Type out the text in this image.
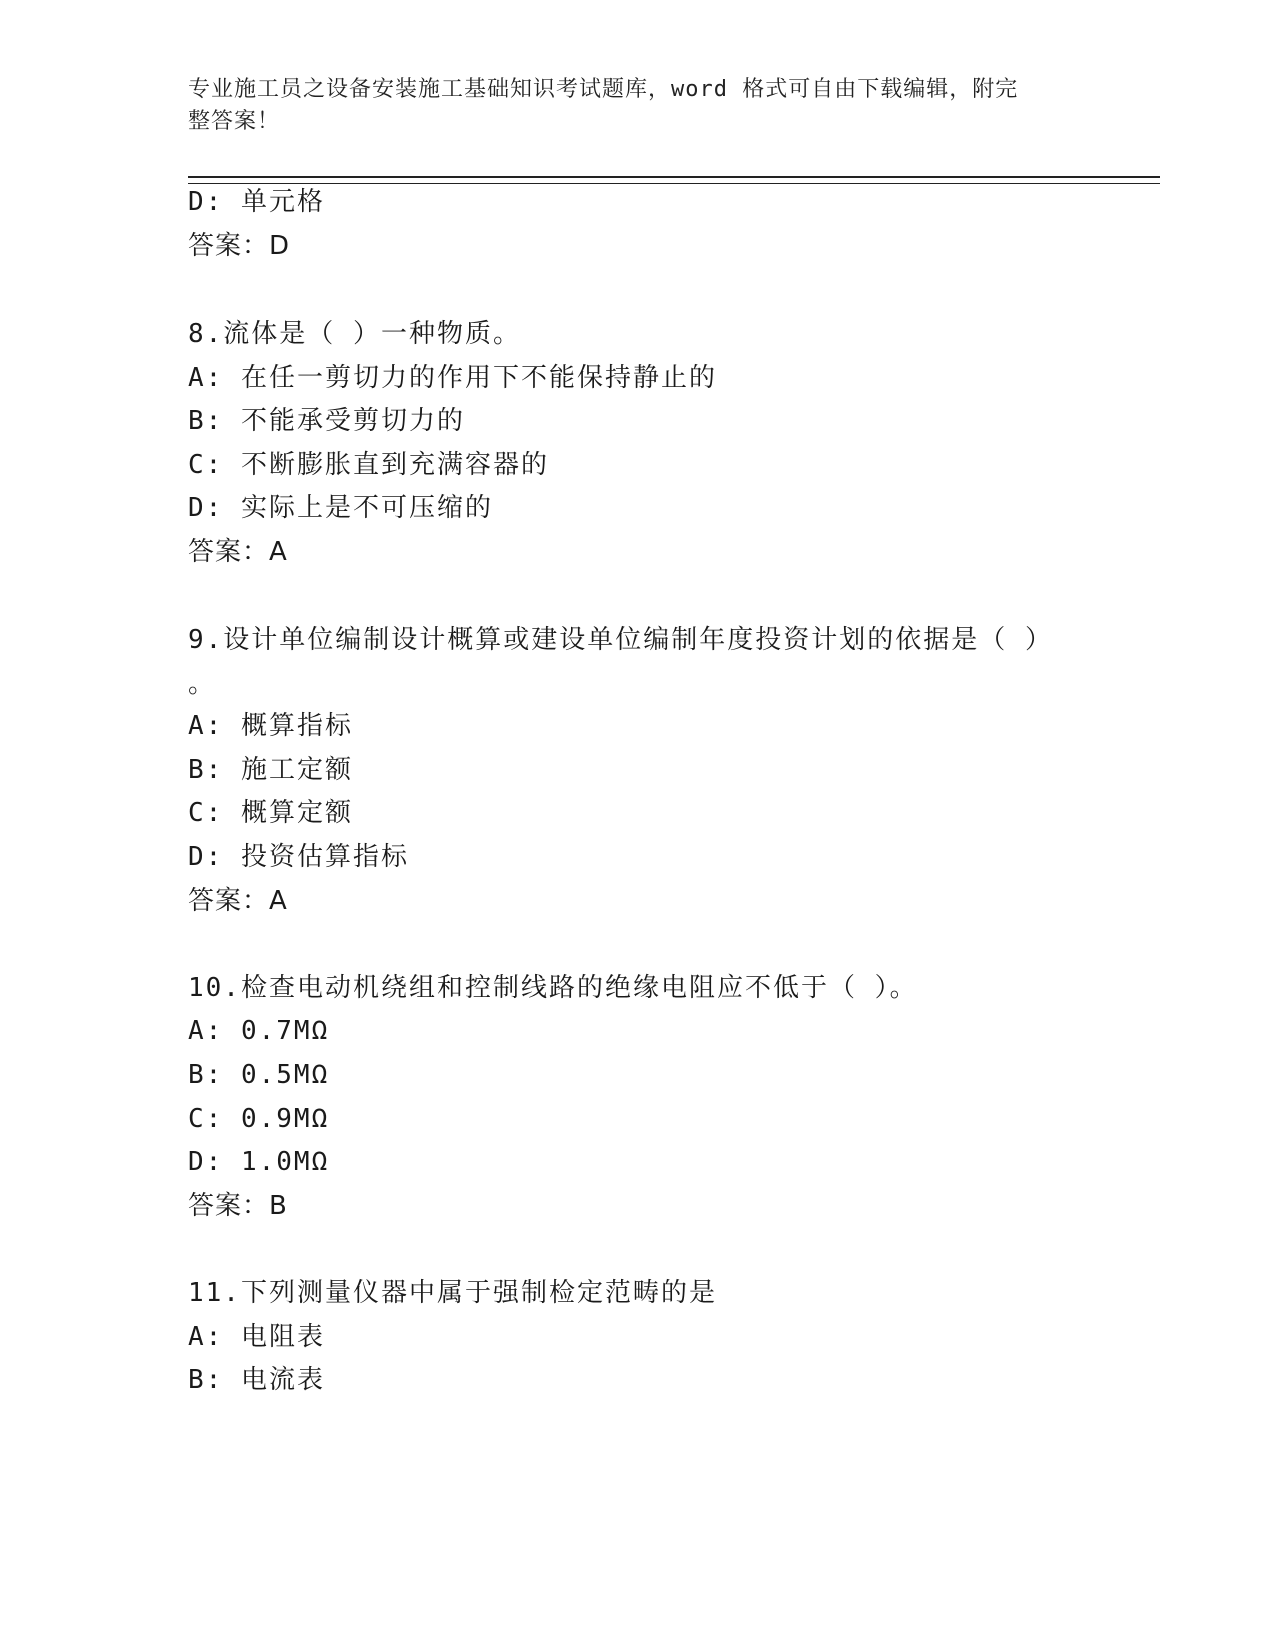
专业施工员之设备安装施工基础知识考试题库，word 格式可自由下载编辑，附完
整答案！
D: 单元格
答案：D
8.流体是（ ）一种物质。
A: 在任一剪切力的作用下不能保持静止的
B: 不能承受剪切力的
C: 不断膨胀直到充满容器的
D: 实际上是不可压缩的
答案：A
9.设计单位编制设计概算或建设单位编制年度投资计划的依据是（ ）
。
A: 概算指标
B: 施工定额
C: 概算定额
D: 投资估算指标
答案：A
10.检查电动机绕组和控制线路的绝缘电阻应不低于（ ）。
A: 0.7MΩ
B: 0.5MΩ
C: 0.9MΩ
D: 1.0MΩ
答案：B
11.下列测量仪器中属于强制检定范畴的是
A: 电阻表
B: 电流表
